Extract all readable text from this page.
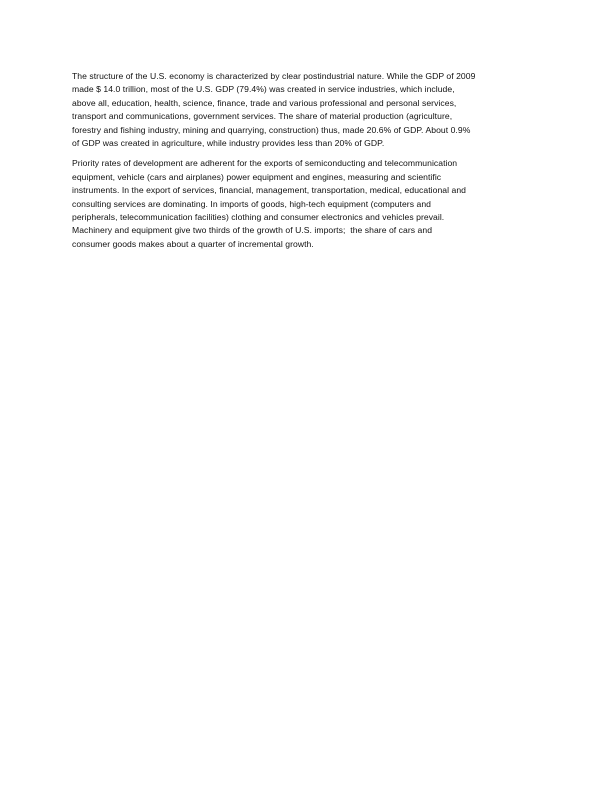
The structure of the U.S. economy is characterized by clear postindustrial nature. While the GDP of 2009
made $ 14.0 trillion, most of the U.S. GDP (79.4%) was created in service industries, which include,
above all, education, health, science, finance, trade and various professional and personal services,
transport and communications, government services. The share of material production (agriculture,
forestry and fishing industry, mining and quarrying, construction) thus, made 20.6% of GDP. About 0.9%
of GDP was created in agriculture, while industry provides less than 20% of GDP.

Priority rates of development are adherent for the exports of semiconducting and telecommunication
equipment, vehicle (cars and airplanes) power equipment and engines, measuring and scientific
instruments. In the export of services, financial, management, transportation, medical, educational and
consulting services are dominating. In imports of goods, high-tech equipment (computers and
peripherals, telecommunication facilities) clothing and consumer electronics and vehicles prevail.
Machinery and equipment give two thirds of the growth of U.S. imports;  the share of cars and
consumer goods makes about a quarter of incremental growth.
